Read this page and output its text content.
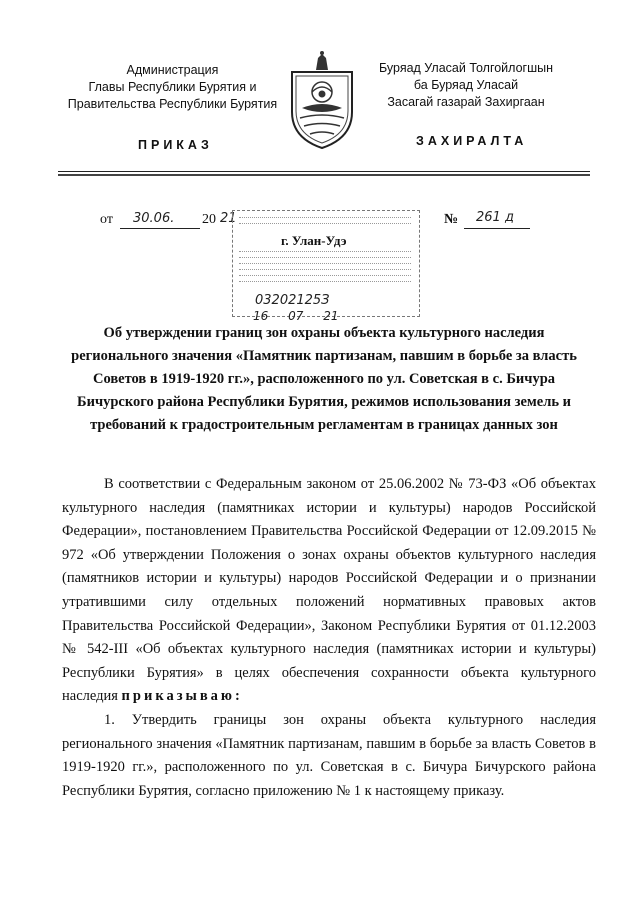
Администрация
Главы Республики Бурятия и
Правительства Республики Бурятия
Буряад Уласай Толгойлогшын
ба Буряад Уласай
Засагай газарай Захиргаан
ПРИКАЗ	ЗАХИРАЛТА
от 30.06. 20 21	№ 261 д
г. Улан-Удэ
03202125З
16 07 21
Об утверждении границ зон охраны объекта культурного наследия регионального значения «Памятник партизанам, павшим в борьбе за власть Советов в 1919-1920 гг.», расположенного по ул. Советская в с. Бичура Бичурского района Республики Бурятия, режимов использования земель и требований к градостроительным регламентам в границах данных зон

В соответствии с Федеральным законом от 25.06.2002 № 73-ФЗ «Об объектах культурного наследия (памятниках истории и культуры) народов Российской Федерации», постановлением Правительства Российской Федерации от 12.09.2015 № 972 «Об утверждении Положения о зонах охраны объектов культурного наследия (памятников истории и культуры) народов Российской Федерации и о признании утратившими силу отдельных положений нормативных правовых актов Правительства Российской Федерации», Законом Республики Бурятия от 01.12.2003 № 542-III «Об объектах культурного наследия (памятниках истории и культуры) Республики Бурятия» в целях обеспечения сохранности объекта культурного наследия приказываю:

1. Утвердить границы зон охраны объекта культурного наследия регионального значения «Памятник партизанам, павшим в борьбе за власть Советов в 1919-1920 гг.», расположенного по ул. Советская в с. Бичура Бичурского района Республики Бурятия, согласно приложению № 1 к настоящему приказу.
